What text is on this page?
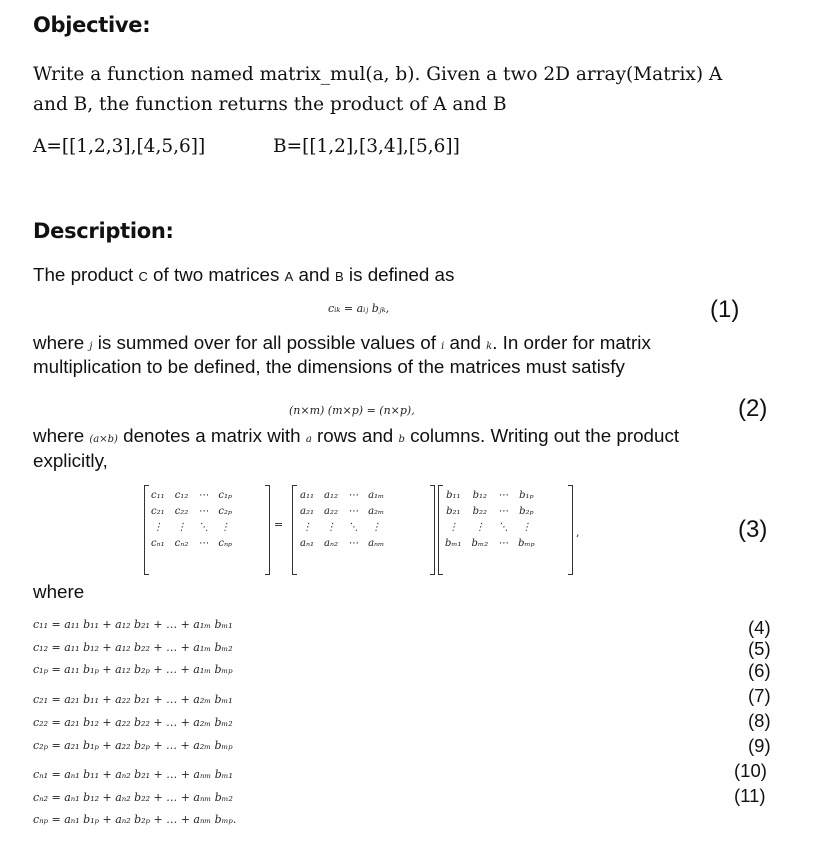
Objective:
Write a function named matrix_mul(a, b). Given a two 2D array(Matrix) A
and B, the function returns the product of A and B
A=[[1,2,3],[4,5,6]]	B=[[1,2],[3,4],[5,6]]
Description:
The product C of two matrices A and B is defined as
cᵢₖ = aᵢⱼ bⱼₖ,	(1)
where j is summed over for all possible values of i and k. In order for matrix
multiplication to be defined, the dimensions of the matrices must satisfy
(n×m) (m×p) = (n×p),	(2)
where (a×b) denotes a matrix with a rows and b columns. Writing out the product
explicitly,
c₁₁	c₁₂	⋯	c₁ₚ
c₂₁	c₂₂	⋯	c₂ₚ
⋮	⋮	⋱	⋮
cₙ₁	cₙ₂	⋯	cₙₚ
=
a₁₁	a₁₂	⋯	a₁ₘ
a₂₁	a₂₂	⋯	a₂ₘ
⋮	⋮	⋱	⋮
aₙ₁	aₙ₂	⋯	aₙₘ
b₁₁	b₁₂	⋯	b₁ₚ
b₂₁	b₂₂	⋯	b₂ₚ
⋮	⋮	⋱	⋮
bₘ₁	bₘ₂	⋯	bₘₚ
,	(3)
where
c₁₁ = a₁₁ b₁₁ + a₁₂ b₂₁ + … + a₁ₘ bₘ₁	(4)
c₁₂ = a₁₁ b₁₂ + a₁₂ b₂₂ + … + a₁ₘ bₘ₂	(5)
c₁ₚ = a₁₁ b₁ₚ + a₁₂ b₂ₚ + … + a₁ₘ bₘₚ	(6)
c₂₁ = a₂₁ b₁₁ + a₂₂ b₂₁ + … + a₂ₘ bₘ₁	(7)
c₂₂ = a₂₁ b₁₂ + a₂₂ b₂₂ + … + a₂ₘ bₘ₂	(8)
c₂ₚ = a₂₁ b₁ₚ + a₂₂ b₂ₚ + … + a₂ₘ bₘₚ	(9)
cₙ₁ = aₙ₁ b₁₁ + aₙ₂ b₂₁ + … + aₙₘ bₘ₁	(10)
cₙ₂ = aₙ₁ b₁₂ + aₙ₂ b₂₂ + … + aₙₘ bₘ₂	(11)
cₙₚ = aₙ₁ b₁ₚ + aₙ₂ b₂ₚ + … + aₙₘ bₘₚ.
